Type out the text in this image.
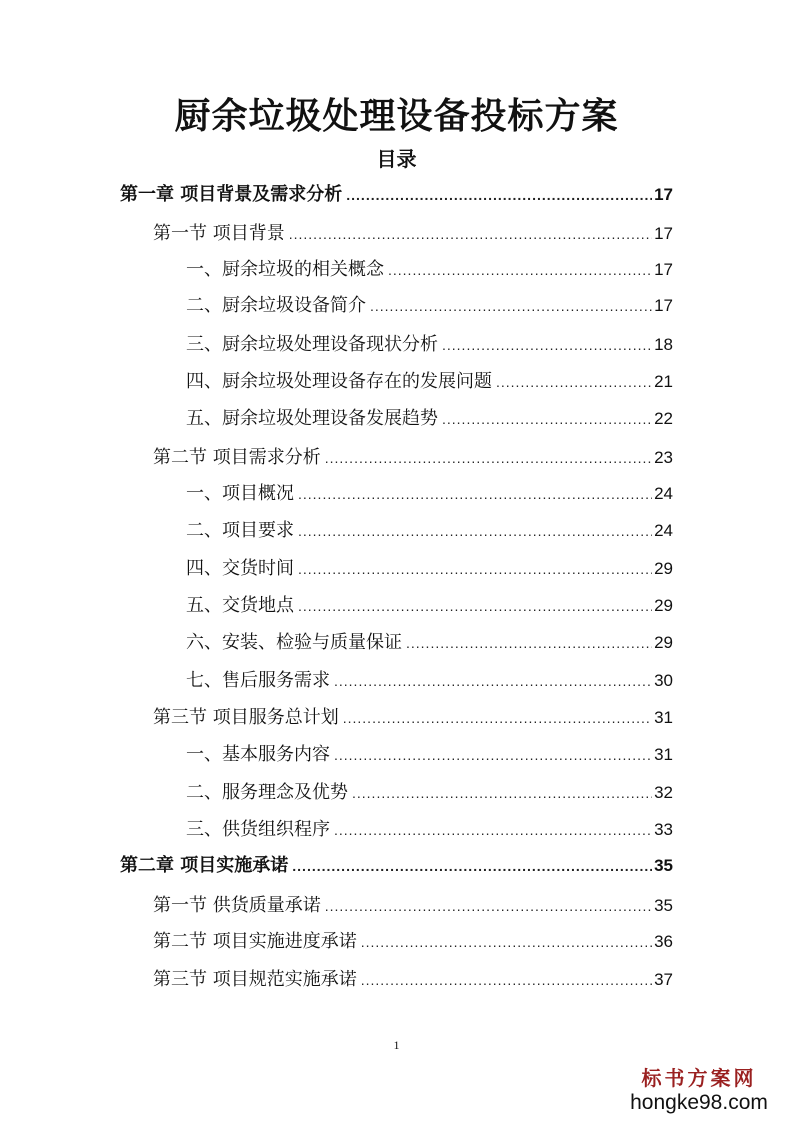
厨余垃圾处理设备投标方案
目录
第一章 项目背景及需求分析 .....	17
第一节 项目背景 .....	17
一、厨余垃圾的相关概念 .....	17
二、厨余垃圾设备简介 .....	17
三、厨余垃圾处理设备现状分析 .....	18
四、厨余垃圾处理设备存在的发展问题 .....	21
五、厨余垃圾处理设备发展趋势 .....	22
第二节 项目需求分析 .....	23
一、项目概况 .....	24
二、项目要求 .....	24
四、交货时间 .....	29
五、交货地点 .....	29
六、安装、检验与质量保证 .....	29
七、售后服务需求 .....	30
第三节 项目服务总计划 .....	31
一、基本服务内容 .....	31
二、服务理念及优势 .....	32
三、供货组织程序 .....	33
第二章 项目实施承诺 .....	35
第一节 供货质量承诺 .....	35
第二节 项目实施进度承诺 .....	36
第三节 项目规范实施承诺 .....	37
1
标书方案网
hongke98.com
